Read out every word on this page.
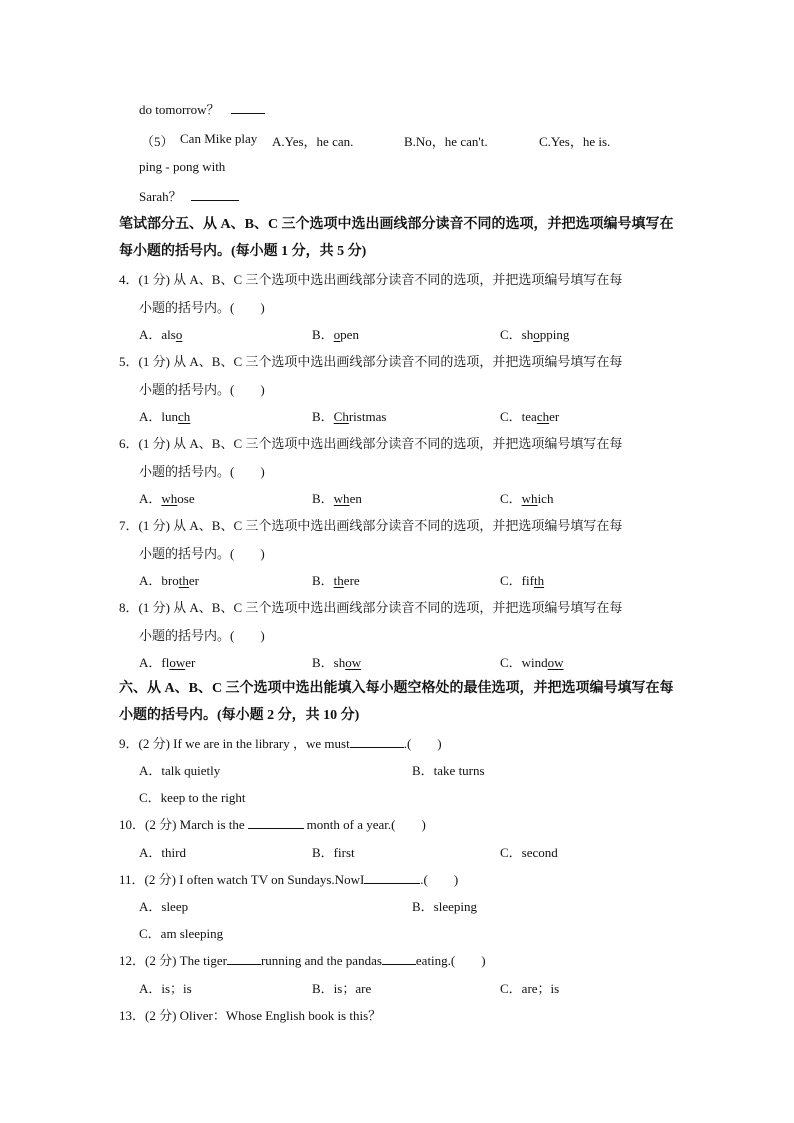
do tomorrow？
（5） Can Mike play A.Yes，he can.	B.No，he can't.	C.Yes，he is.
ping - pong with
Sarah？
笔试部分五、从 A、B、C 三个选项中选出画线部分读音不同的选项，并把选项编号填写在
每小题的括号内。(每小题 1 分，共 5 分)
4．(1 分) 从 A、B、C 三个选项中选出画线部分读音不同的选项，并把选项编号填写在每
小题的括号内。(　　)
A．also	B．open	C．shopping
5．(1 分) 从 A、B、C 三个选项中选出画线部分读音不同的选项，并把选项编号填写在每
小题的括号内。(　　)
A．lunch	B．Christmas	C．teacher
6．(1 分) 从 A、B、C 三个选项中选出画线部分读音不同的选项，并把选项编号填写在每
小题的括号内。(　　)
A．whose	B．when	C．which
7．(1 分) 从 A、B、C 三个选项中选出画线部分读音不同的选项，并把选项编号填写在每
小题的括号内。(　　)
A．brother	B．there	C．fifth
8．(1 分) 从 A、B、C 三个选项中选出画线部分读音不同的选项，并把选项编号填写在每
小题的括号内。(　　)
A．flower	B．show	C．window
六、从 A、B、C 三个选项中选出能填入每小题空格处的最佳选项，并把选项编号填写在每
小题的括号内。(每小题 2 分，共 10 分)
9．(2 分) If we are in the library ，we must	.(　　)
A．talk quietly	B．take turns
C．keep to the right
10．(2 分) March is the	month of a year.(　　)
A．third	B．first	C．second
11．(2 分) I often watch TV on Sundays.NowI	.(　　)
A．sleep	B．sleeping
C．am sleeping
12．(2 分) The tiger	running and the pandas	eating.(　　)
A．is；is	B．is；are	C．are；is
13．(2 分) Oliver：Whose English book is this？
